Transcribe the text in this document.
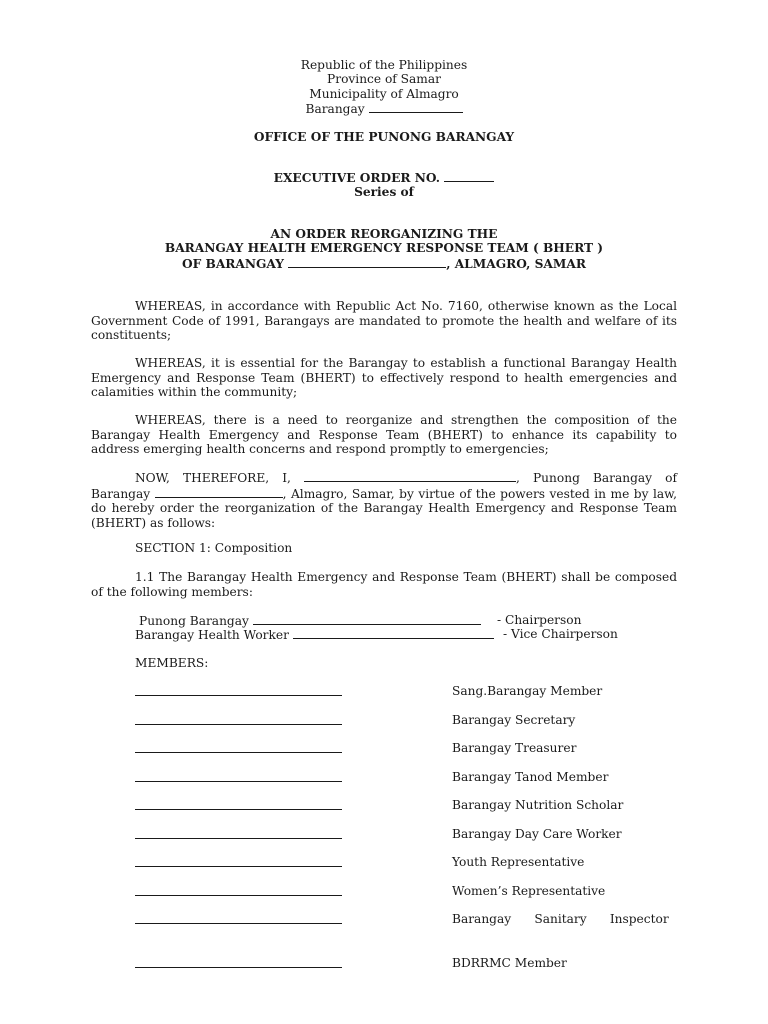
Republic of the Philippines
Province of Samar
Municipality of Almagro
Barangay
OFFICE OF THE PUNONG BARANGAY
EXECUTIVE ORDER NO.
Series of
AN ORDER REORGANIZING THE
BARANGAY HEALTH EMERGENCY RESPONSE TEAM ( BHERT )
OF BARANGAY	, ALMAGRO, SAMAR

WHEREAS, in accordance with Republic Act No. 7160, otherwise known as the Local Government Code of 1991, Barangays are mandated to promote the health and welfare of its constituents;

WHEREAS, it is essential for the Barangay to establish a functional Barangay Health Emergency and Response Team (BHERT) to effectively respond to health emergencies and calamities within the community;

WHEREAS, there is a need to reorganize and strengthen the composition of the Barangay Health Emergency and Response Team (BHERT) to enhance its capability to address emerging health concerns and respond promptly to emergencies;

NOW, THEREFORE, I,	, Punong Barangay of Barangay	, Almagro, Samar, by virtue of the powers vested in me by law, do hereby order the reorganization of the Barangay Health Emergency and Response Team (BHERT) as follows:

SECTION 1: Composition

1.1 The Barangay Health Emergency and Response Team (BHERT) shall be composed of the following members:

Punong Barangay	- Chairperson
Barangay Health Worker	- Vice Chairperson
MEMBERS:
Sang.Barangay Member
Barangay Secretary
Barangay Treasurer
Barangay Tanod Member
Barangay Nutrition Scholar
Barangay Day Care Worker
Youth Representative
Women’s Representative
Barangay      Sanitary      Inspector
BDRRMC Member
